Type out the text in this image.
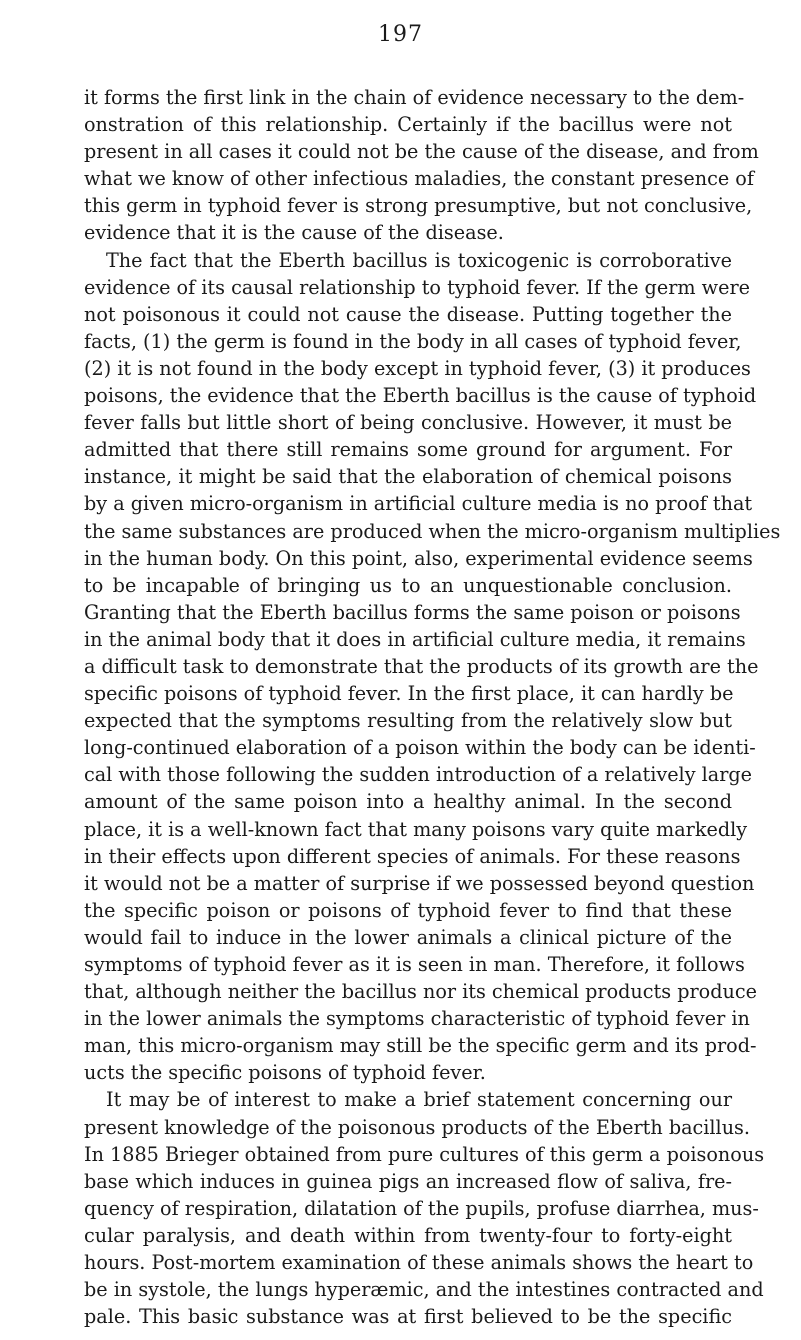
197
it forms the first link in the chain of evidence necessary to the dem-
onstration of this relationship. Certainly if the bacillus were not
present in all cases it could not be the cause of the disease, and from
what we know of other infectious maladies, the constant presence of
this germ in typhoid fever is strong presumptive, but not conclusive,
evidence that it is the cause of the disease.
The fact that the Eberth bacillus is toxicogenic is corroborative
evidence of its causal relationship to typhoid fever. If the germ were
not poisonous it could not cause the disease. Putting together the
facts, (1) the germ is found in the body in all cases of typhoid fever,
(2) it is not found in the body except in typhoid fever, (3) it produces
poisons, the evidence that the Eberth bacillus is the cause of typhoid
fever falls but little short of being conclusive. However, it must be
admitted that there still remains some ground for argument. For
instance, it might be said that the elaboration of chemical poisons
by a given micro-organism in artificial culture media is no proof that
the same substances are produced when the micro-organism multiplies
in the human body. On this point, also, experimental evidence seems
to be incapable of bringing us to an unquestionable conclusion.
Granting that the Eberth bacillus forms the same poison or poisons
in the animal body that it does in artificial culture media, it remains
a difficult task to demonstrate that the products of its growth are the
specific poisons of typhoid fever. In the first place, it can hardly be
expected that the symptoms resulting from the relatively slow but
long-continued elaboration of a poison within the body can be identi-
cal with those following the sudden introduction of a relatively large
amount of the same poison into a healthy animal. In the second
place, it is a well-known fact that many poisons vary quite markedly
in their effects upon different species of animals. For these reasons
it would not be a matter of surprise if we possessed beyond question
the specific poison or poisons of typhoid fever to find that these
would fail to induce in the lower animals a clinical picture of the
symptoms of typhoid fever as it is seen in man. Therefore, it follows
that, although neither the bacillus nor its chemical products produce
in the lower animals the symptoms characteristic of typhoid fever in
man, this micro-organism may still be the specific germ and its prod-
ucts the specific poisons of typhoid fever.
It may be of interest to make a brief statement concerning our
present knowledge of the poisonous products of the Eberth bacillus.
In 1885 Brieger obtained from pure cultures of this germ a poisonous
base which induces in guinea pigs an increased flow of saliva, fre-
quency of respiration, dilatation of the pupils, profuse diarrhea, mus-
cular paralysis, and death within from twenty-four to forty-eight
hours. Post-mortem examination of these animals shows the heart to
be in systole, the lungs hyperæmic, and the intestines contracted and
pale. This basic substance was at first believed to be the specific
